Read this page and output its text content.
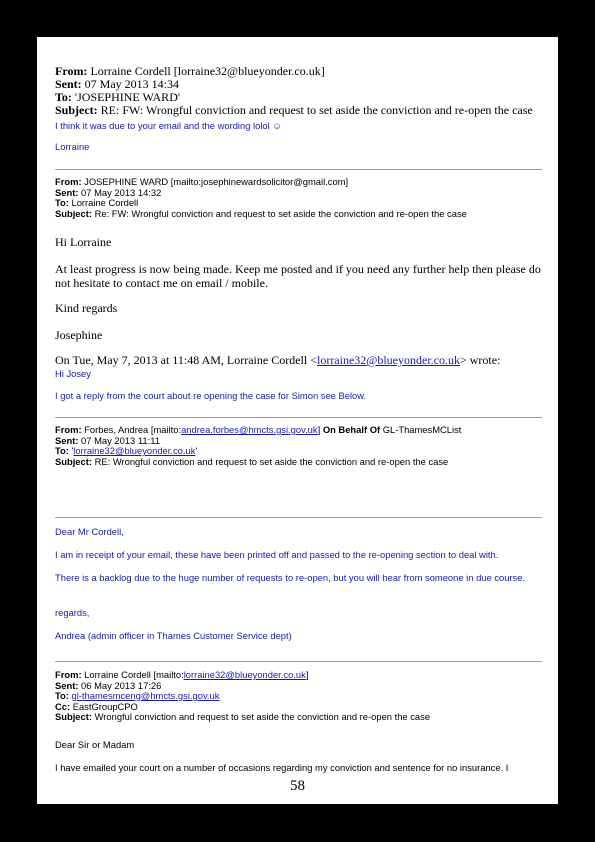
From: Lorraine Cordell [lorraine32@blueyonder.co.uk]
Sent: 07 May 2013 14:34
To: 'JOSEPHINE WARD'
Subject: RE: FW: Wrongful conviction and request to set aside the conviction and re-open the case
I think it was due to your email and the wording lolol ☺
Lorraine
From: JOSEPHINE WARD [mailto:josephinewardsolicitor@gmail.com]
Sent: 07 May 2013 14:32
To: Lorraine Cordell
Subject: Re: FW: Wrongful conviction and request to set aside the conviction and re-open the case
Hi Lorraine
At least progress is now being made. Keep me posted and if you need any further help then please do not hesitate to contact me on email / mobile.
Kind regards
Josephine
On Tue, May 7, 2013 at 11:48 AM, Lorraine Cordell <lorraine32@blueyonder.co.uk> wrote:
Hi Josey
I got a reply from the court about re opening the case for Simon see Below.
From: Forbes, Andrea [mailto:andrea.forbes@hmcts.gsi.gov.uk] On Behalf Of GL-ThamesMCList
Sent: 07 May 2013 11:11
To: 'lorraine32@blueyonder.co.uk'
Subject: RE: Wrongful conviction and request to set aside the conviction and re-open the case
Dear Mr Cordell,
I am in receipt of your email, these have been printed off and passed to the re-opening section to deal with.
There is a backlog due to the huge number of requests to re-open, but you will hear from someone in due course.
regards,
Andrea (admin officer in Thames Customer Service dept)
From: Lorraine Cordell [mailto:lorraine32@blueyonder.co.uk]
Sent: 06 May 2013 17:26
To: gl-thamesmceng@hmcts.gsi.gov.uk
Cc: EastGroupCPO
Subject: Wrongful conviction and request to set aside the conviction and re-open the case
Dear Sir or Madam
I have emailed your court on a number of occasions regarding my conviction and sentence for no insurance. I
58
